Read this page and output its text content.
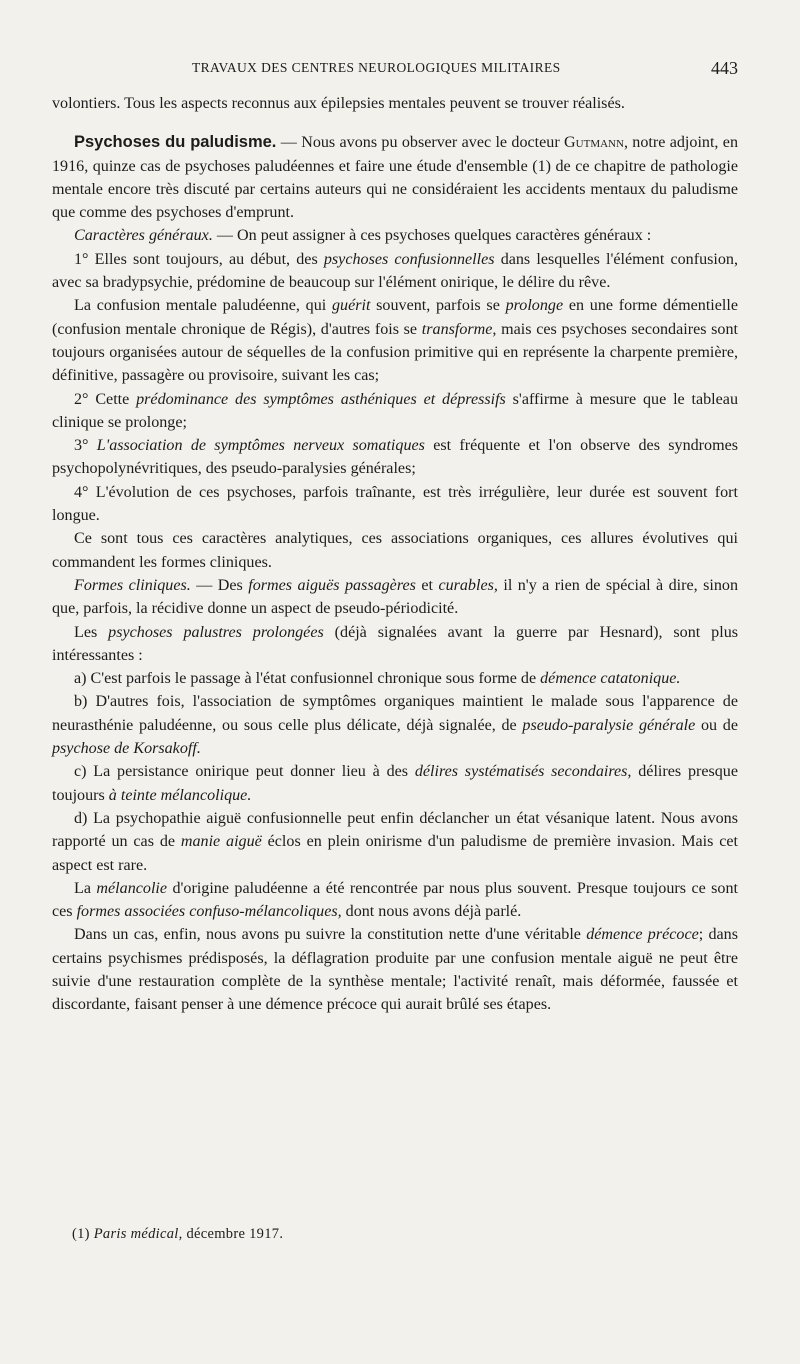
TRAVAUX DES CENTRES NEUROLOGIQUES MILITAIRES	443

volontiers. Tous les aspects reconnus aux épilepsies mentales peuvent se trouver réalisés.

Psychoses du paludisme. — Nous avons pu observer avec le docteur Gutmann, notre adjoint, en 1916, quinze cas de psychoses paludéennes et faire une étude d'ensemble (1) de ce chapitre de pathologie mentale encore très discuté par certains auteurs qui ne considéraient les accidents mentaux du paludisme que comme des psychoses d'emprunt.

Caractères généraux. — On peut assigner à ces psychoses quelques caractères généraux :

1° Elles sont toujours, au début, des psychoses confusionnelles dans lesquelles l'élément confusion, avec sa bradypsychie, prédomine de beaucoup sur l'élément onirique, le délire du rêve.

La confusion mentale paludéenne, qui guérit souvent, parfois se prolonge en une forme démentielle (confusion mentale chronique de Régis), d'autres fois se transforme, mais ces psychoses secondaires sont toujours organisées autour de séquelles de la confusion primitive qui en représente la charpente première, définitive, passagère ou provisoire, suivant les cas;

2° Cette prédominance des symptômes asthéniques et dépressifs s'affirme à mesure que le tableau clinique se prolonge;

3° L'association de symptômes nerveux somatiques est fréquente et l'on observe des syndromes psychopolynévritiques, des pseudo-paralysies générales;

4° L'évolution de ces psychoses, parfois traînante, est très irrégulière, leur durée est souvent fort longue.

Ce sont tous ces caractères analytiques, ces associations organiques, ces allures évolutives qui commandent les formes cliniques.

Formes cliniques. — Des formes aiguës passagères et curables, il n'y a rien de spécial à dire, sinon que, parfois, la récidive donne un aspect de pseudo-périodicité.

Les psychoses palustres prolongées (déjà signalées avant la guerre par Hesnard), sont plus intéressantes :

a) C'est parfois le passage à l'état confusionnel chronique sous forme de démence catatonique.

b) D'autres fois, l'association de symptômes organiques maintient le malade sous l'apparence de neurasthénie paludéenne, ou sous celle plus délicate, déjà signalée, de pseudo-paralysie générale ou de psychose de Korsakoff.

c) La persistance onirique peut donner lieu à des délires systématisés secondaires, délires presque toujours à teinte mélancolique.

d) La psychopathie aiguë confusionnelle peut enfin déclancher un état vésanique latent. Nous avons rapporté un cas de manie aiguë éclos en plein onirisme d'un paludisme de première invasion. Mais cet aspect est rare.

La mélancolie d'origine paludéenne a été rencontrée par nous plus souvent. Presque toujours ce sont ces formes associées confuso-mélancoliques, dont nous avons déjà parlé.

Dans un cas, enfin, nous avons pu suivre la constitution nette d'une véritable démence précoce; dans certains psychismes prédisposés, la déflagration produite par une confusion mentale aiguë ne peut être suivie d'une restauration complète de la synthèse mentale; l'activité renaît, mais déformée, faussée et discordante, faisant penser à une démence précoce qui aurait brûlé ses étapes.

(1) Paris médical, décembre 1917.
